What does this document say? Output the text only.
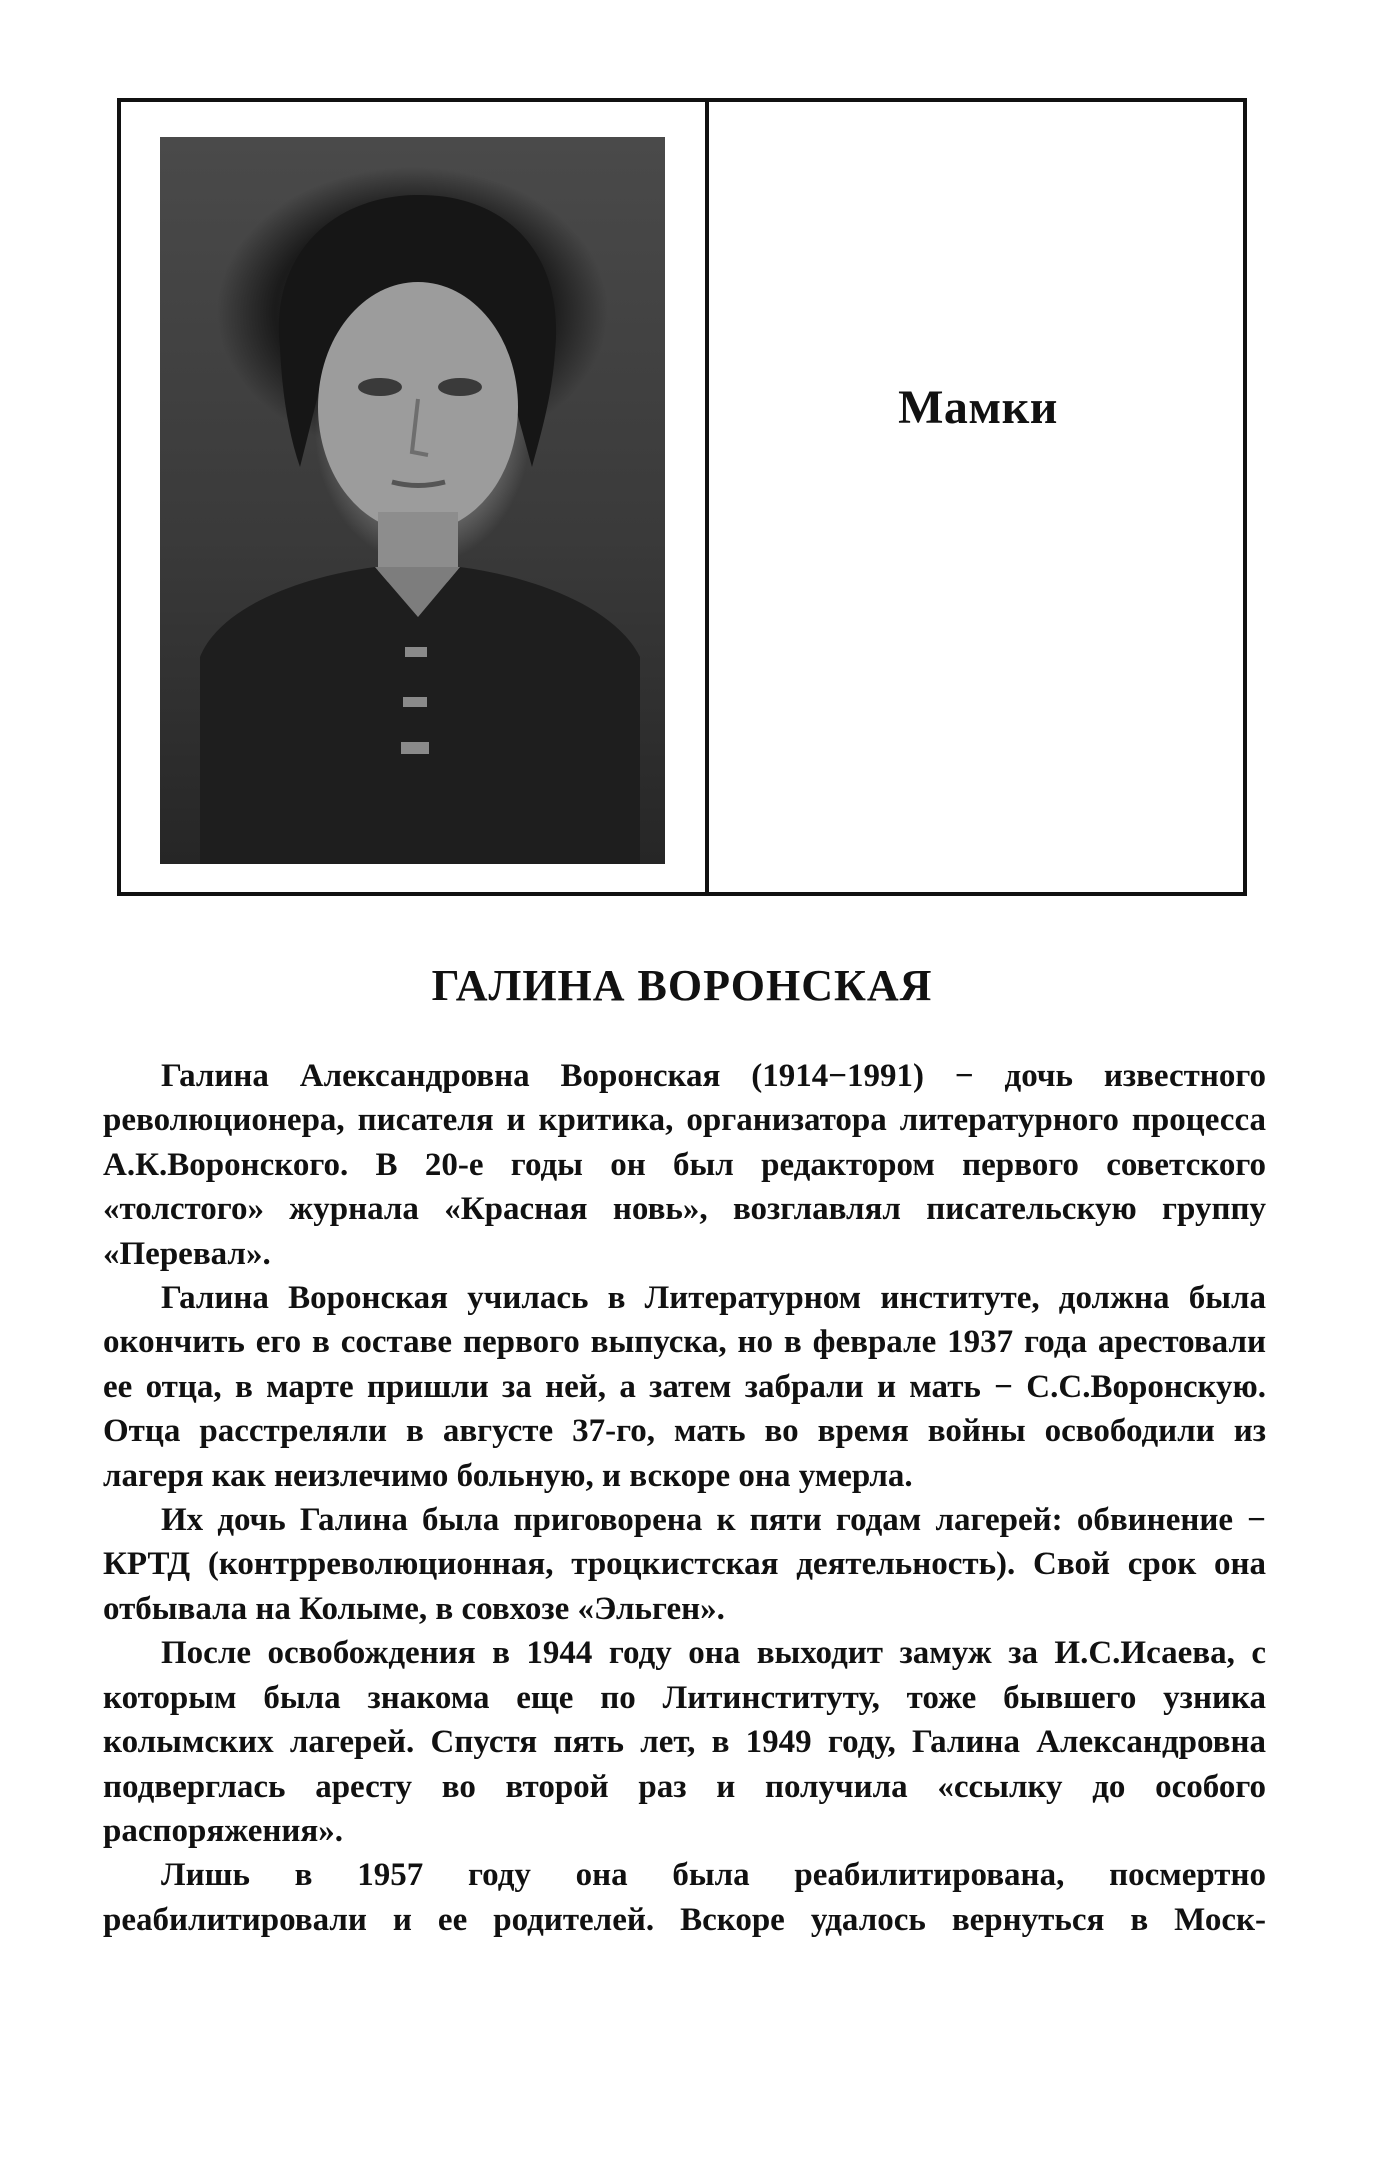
Мамки
ГАЛИНА ВОРОНСКАЯ

Галина Александровна Воронская (1914−1991) − дочь известного революционера, писателя и критика, организатора литературного процесса А.К.Воронского. В 20-е годы он был редактором первого советского «толстого» журнала «Красная новь», возглавлял писательскую группу «Перевал».

Галина Воронская училась в Литературном институте, должна была окончить его в составе первого выпуска, но в феврале 1937 года арестовали ее отца, в марте пришли за ней, а затем забрали и мать − С.С.Воронскую. Отца расстреляли в августе 37-го, мать во время войны освободили из лагеря как неизлечимо больную, и вскоре она умерла.

Их дочь Галина была приговорена к пяти годам лагерей: обвинение − КРТД (контрреволюционная, троцкистская деятельность). Свой срок она отбывала на Колыме, в совхозе «Эльген».

После освобождения в 1944 году она выходит замуж за И.С.Исаева, с которым была знакома еще по Литинституту, тоже бывшего узника колымских лагерей. Спустя пять лет, в 1949 году, Галина Александровна подверглась аресту во второй раз и получила «ссылку до особого распоряжения».

Лишь в 1957 году она была реабилитирована, посмертно реабилитировали и ее родителей. Вскоре удалось вернуться в Моск-
